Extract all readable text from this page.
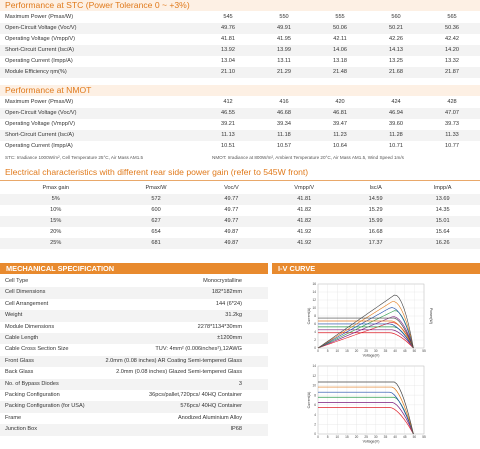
Performance at STC (Power Tolerance 0 ~ +3%)
Maximum Power (Pmax/W)	545	550	555	560	565
Open-Circuit Voltage (Voc/V)	49.76	49.91	50.06	50.21	50.36
Operating Voltage (Vmpp/V)	41.81	41.95	42.11	42.26	42.42
Short-Circuit Current (Isc/A)	13.92	13.99	14.06	14.13	14.20
Operating Current (Impp/A)	13.04	13.11	13.18	13.25	13.32
Module Efficiency ηm(%)	21.10	21.29	21.48	21.68	21.87
Performance at NMOT
Maximum Power (Pmax/W)	412	416	420	424	428
Open-Circuit Voltage (Voc/V)	46.55	46.68	46.81	46.94	47.07
Operating Voltage (Vmpp/V)	39.21	39.34	39.47	39.60	39.73
Short-Circuit Current (Isc/A)	11.13	11.18	11.23	11.28	11.33
Operating Current (Impp/A)	10.51	10.57	10.64	10.71	10.77
STC: Irradiance 1000W/m², Cell Temperature 25°C, Air Mass AM1.5	NMOT: Irradiance at 800W/m², Ambient Temperature 20°C, Air Mass AM1.5, Wind Speed 1m/s
Electrical characteristics with different rear side power gain (refer to 545W front)
Pmax gain	Pmax/W	Voc/V	Vmpp/V	Isc/A	Impp/A
5%	572	49.77	41.81	14.59	13.69
10%	600	49.77	41.82	15.29	14.35
15%	627	49.77	41.82	15.99	15.01
20%	654	49.87	41.92	16.68	15.64
25%	681	49.87	41.92	17.37	16.26
MECHANICAL SPECIFICATION
Cell Type	Monocrystalline
Cell Dimensions	182*182mm
Cell Arrangement	144 (6*24)
Weight	31.2kg
Module Dimensions	2278*1134*30mm
Cable Length	±1200mm
Cable Cross Section Size	TUV: 4mm² (0.006inches²),12AWG
Front Glass	2.0mm (0.08 inches) AR Coating Semi-tempered Glass
Back Glass	2.0mm (0.08 inches) Glazed Semi-tempered Glass
No. of Bypass Diodes	3
Packing Configuration	36pcs/pallet,720pcs/ 40HQ Container
Packing Configuration (for USA)	576pcs/ 40HQ Container
Frame	Anodized Aluminium Alloy
Junction Box	IP68
I-V CURVE
0
2
4
6
8
10
12
14
16
0 5 10 15 20 25 30 35 40 45 50 55
Current(A)
Voltage(V)
Power(W)
0
2
4
6
8
10
12
14
0 5 10 15 20 25 30 35 40 45 50 55
Current(A)
Voltage(V)
